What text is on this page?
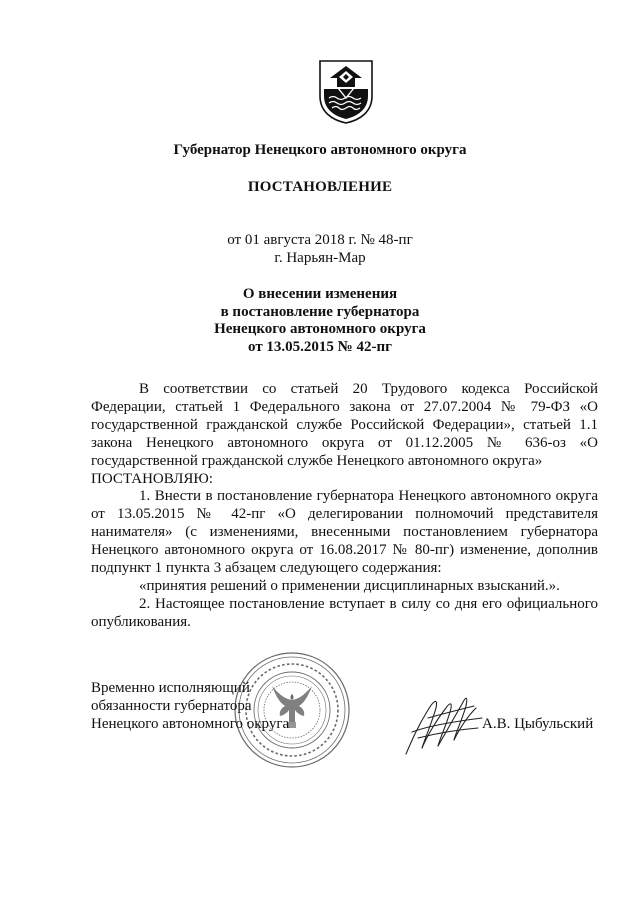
Губернатор Ненецкого автономного округа
ПОСТАНОВЛЕНИЕ
от 01 августа 2018 г. № 48-пг
г. Нарьян-Мар
О внесении изменения
в постановление губернатора
Ненецкого автономного округа
от 13.05.2015 № 42-пг

В соответствии со статьей 20 Трудового кодекса Российской Федерации, статьей 1 Федерального закона от 27.07.2004 № 79-ФЗ «О государственной гражданской службе Российской Федерации», статьей 1.1 закона Ненецкого автономного округа от 01.12.2005 № 636-оз «О государственной гражданской службе Ненецкого автономного округа»

ПОСТАНОВЛЯЮ:

1. Внести в постановление губернатора Ненецкого автономного округа от 13.05.2015 № 42-пг «О делегировании полномочий представителя нанимателя» (с изменениями, внесенными постановлением губернатора Ненецкого автономного округа от 16.08.2017 № 80-пг) изменение, дополнив подпункт 1 пункта 3 абзацем следующего содержания:

«принятия решений о применении дисциплинарных взысканий.».

2. Настоящее постановление вступает в силу со дня его официального опубликования.

Временно исполняющий
обязанности губернатора
Ненецкого автономного округа	А.В. Цыбульский
